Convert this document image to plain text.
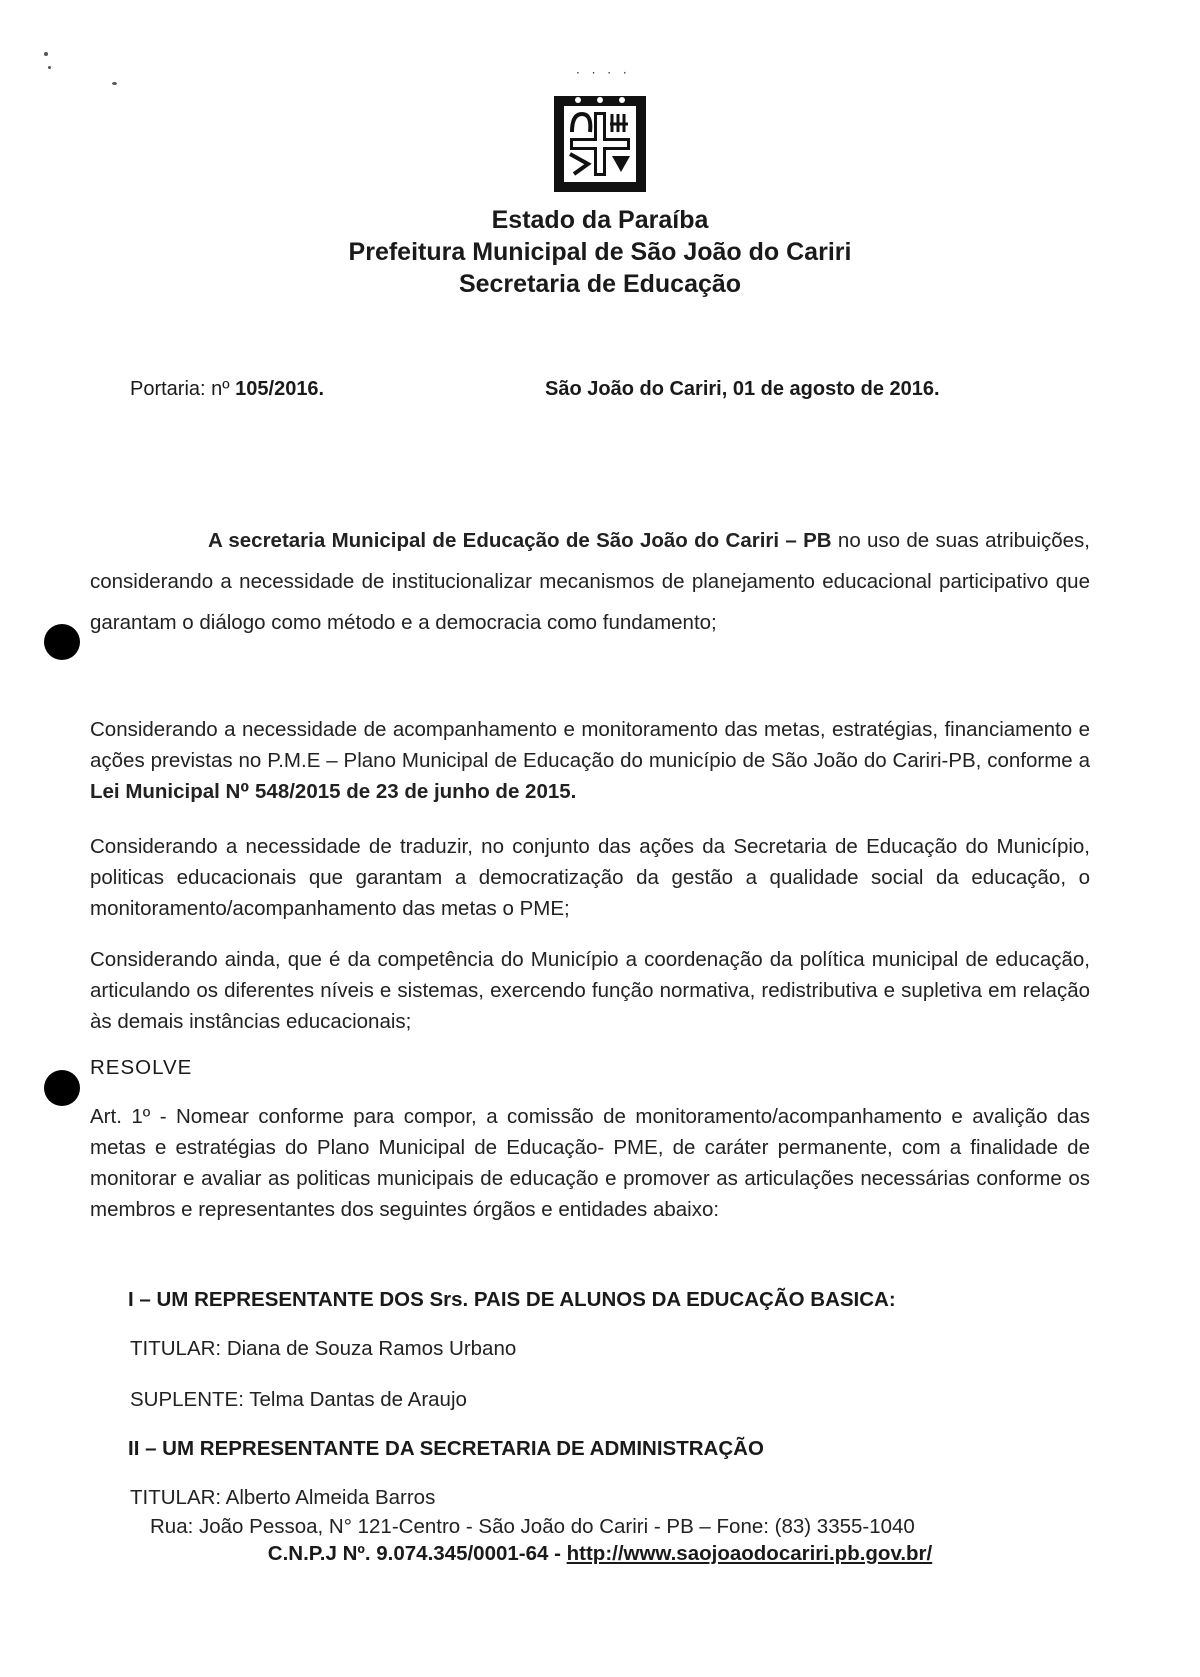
· · · ·
Estado da Paraíba
Prefeitura Municipal de São João do Cariri
Secretaria de Educação
Portaria: nº 105/2016.	São João do Cariri, 01 de agosto de 2016.
A secretaria Municipal de Educação de São João do Cariri – PB no uso de suas atribuições, considerando a necessidade de institucionalizar mecanismos de planejamento educacional participativo que garantam o diálogo como método e a democracia como fundamento;
Considerando a necessidade de acompanhamento e monitoramento das metas, estratégias, financiamento e ações previstas no P.M.E – Plano Municipal de Educação do município de São João do Cariri-PB, conforme a Lei Municipal N⁰ 548/2015 de 23 de junho de 2015.
Considerando a necessidade de traduzir, no conjunto das ações da Secretaria de Educação do Município, politicas educacionais que garantam a democratização da gestão a qualidade social da educação, o monitoramento/acompanhamento das metas o PME;
Considerando ainda, que é da competência do Município a coordenação da política municipal de educação, articulando os diferentes níveis e sistemas, exercendo função normativa, redistributiva e supletiva em relação às demais instâncias educacionais;
RESOLVE
Art. 1º - Nomear conforme para compor, a comissão de monitoramento/acompanhamento e avalição das metas e estratégias do Plano Municipal de Educação- PME, de caráter permanente, com a finalidade de monitorar e avaliar as politicas municipais de educação e promover as articulações necessárias conforme os membros e representantes dos seguintes órgãos e entidades abaixo:
I – UM REPRESENTANTE DOS Srs. PAIS DE ALUNOS DA EDUCAÇÃO BASICA:
TITULAR: Diana de Souza Ramos Urbano
SUPLENTE: Telma Dantas de Araujo
II – UM REPRESENTANTE DA SECRETARIA DE ADMINISTRAÇÃO
TITULAR: Alberto Almeida Barros
Rua: João Pessoa, N° 121-Centro - São João do Cariri - PB – Fone: (83) 3355-1040
C.N.P.J Nº. 9.074.345/0001-64 - http://www.saojoaodocariri.pb.gov.br/
